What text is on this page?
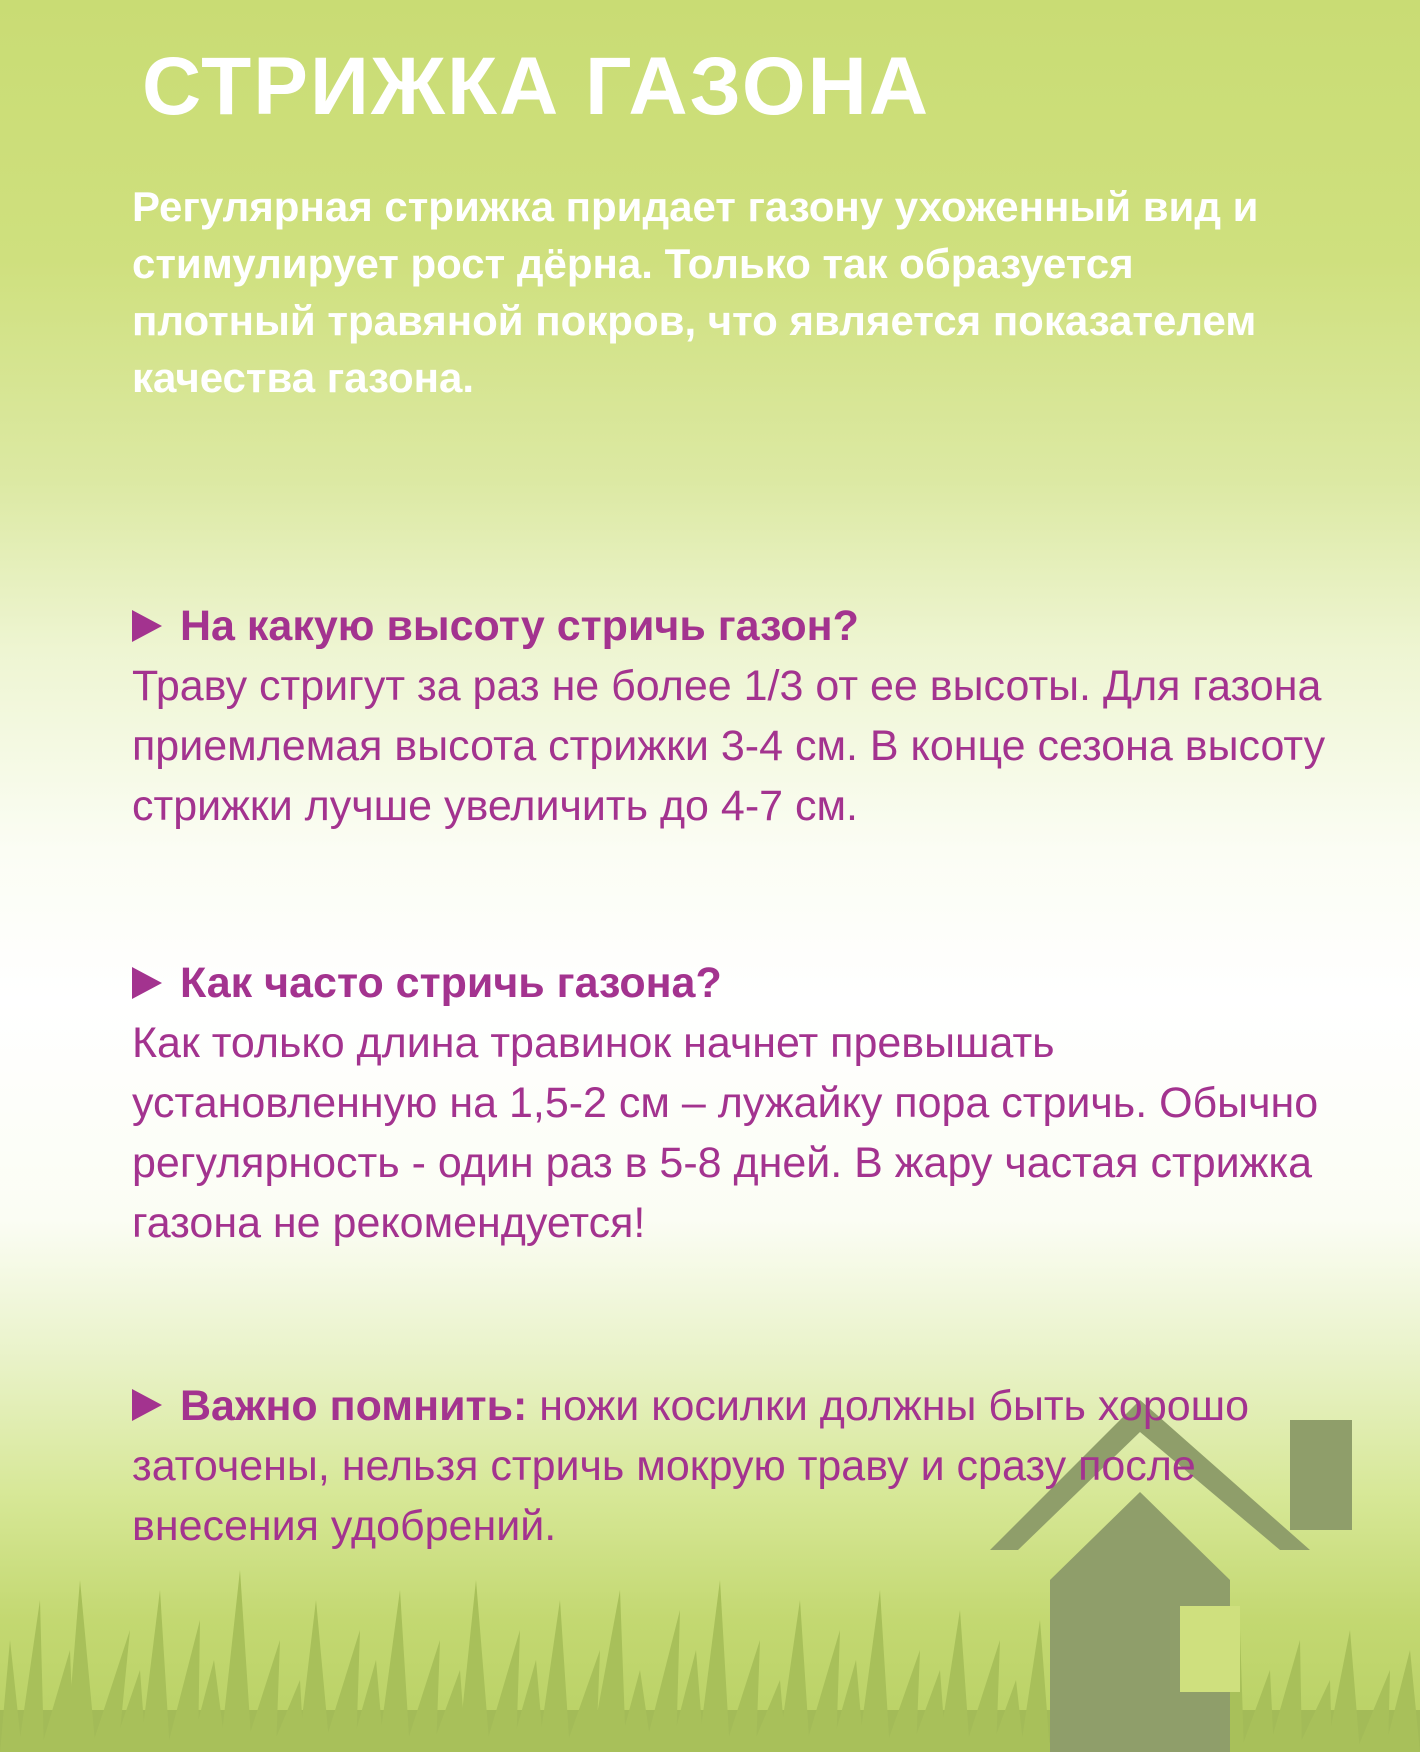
СТРИЖКА ГАЗОНА

Регулярная стрижка придает газону ухоженный вид и стимулирует рост дёрна. Только так образуется плотный травяной покров, что является показателем качества газона.

На какую высоту стричь газон?

Траву стригут за раз не более 1/3 от ее высоты. Для газона приемлемая высота стрижки 3-4 см. В конце сезона высоту стрижки лучше увеличить до 4-7 см.

Как часто стричь газона?

Как только длина травинок начнет превышать установленную на 1,5-2 см – лужайку пора стричь. Обычно регулярность - один раз в 5-8 дней. В жару частая стрижка газона не рекомендуется!

Важно помнить: ножи косилки должны быть хорошо заточены, нельзя стричь мокрую траву и сразу после внесения удобрений.
